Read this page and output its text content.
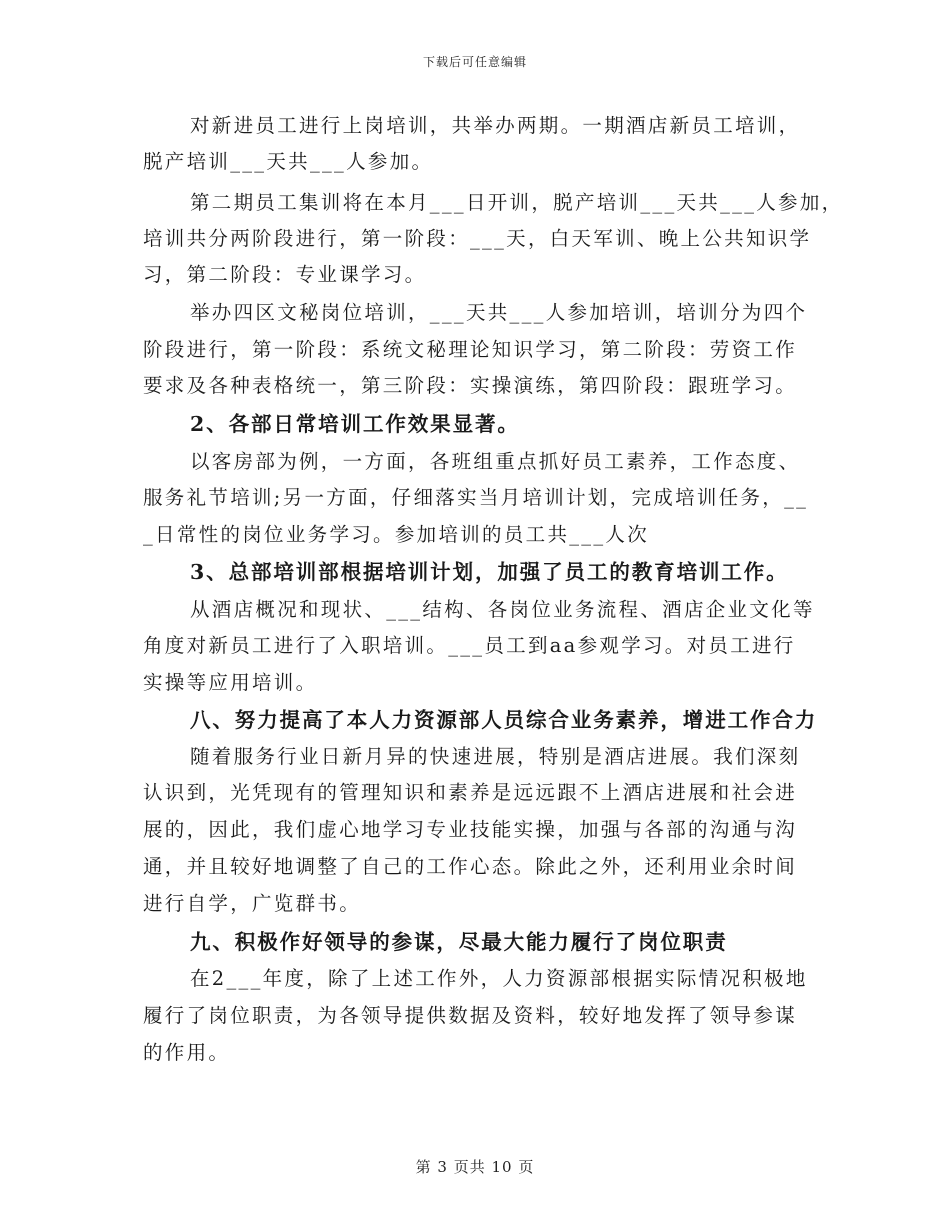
下载后可任意编辑
对新进员工进行上岗培训，共举办两期。一期酒店新员工培训，
脱产培训___天共___人参加。
第二期员工集训将在本月___日开训，脱产培训___天共___人参加，
培训共分两阶段进行，第一阶段：___天，白天军训、晚上公共知识学
习，第二阶段：专业课学习。
举办四区文秘岗位培训，___天共___人参加培训，培训分为四个
阶段进行，第一阶段：系统文秘理论知识学习，第二阶段：劳资工作
要求及各种表格统一，第三阶段：实操演练，第四阶段：跟班学习。
2、各部日常培训工作效果显著。
以客房部为例，一方面，各班组重点抓好员工素养，工作态度、
服务礼节培训;另一方面，仔细落实当月培训计划，完成培训任务，__
_日常性的岗位业务学习。参加培训的员工共___人次
3、总部培训部根据培训计划，加强了员工的教育培训工作。
从酒店概况和现状、___结构、各岗位业务流程、酒店企业文化等
角度对新员工进行了入职培训。___员工到aa参观学习。对员工进行
实操等应用培训。
八、努力提高了本人力资源部人员综合业务素养，增进工作合力
随着服务行业日新月异的快速进展，特别是酒店进展。我们深刻
认识到，光凭现有的管理知识和素养是远远跟不上酒店进展和社会进
展的，因此，我们虚心地学习专业技能实操，加强与各部的沟通与沟
通，并且较好地调整了自己的工作心态。除此之外，还利用业余时间
进行自学，广览群书。
九、积极作好领导的参谋，尽最大能力履行了岗位职责
在2___年度，除了上述工作外，人力资源部根据实际情况积极地
履行了岗位职责，为各领导提供数据及资料，较好地发挥了领导参谋
的作用。
第 3 页共 10 页
